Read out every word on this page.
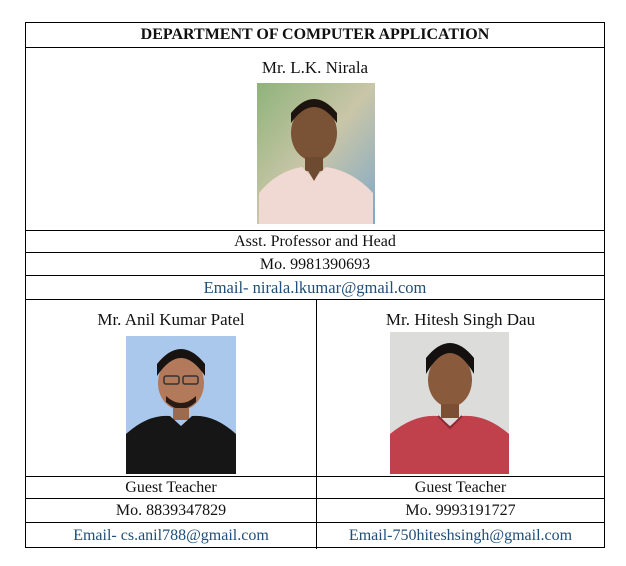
DEPARTMENT OF COMPUTER APPLICATION
Mr. L.K. Nirala
Asst. Professor and Head
Mo. 9981390693
Email- nirala.lkumar@gmail.com
Mr. Anil Kumar Patel
Guest Teacher
Mo. 8839347829
Email- cs.anil788@gmail.com
Mr. Hitesh Singh Dau
Guest Teacher
Mo. 9993191727
Email-750hiteshsingh@gmail.com
